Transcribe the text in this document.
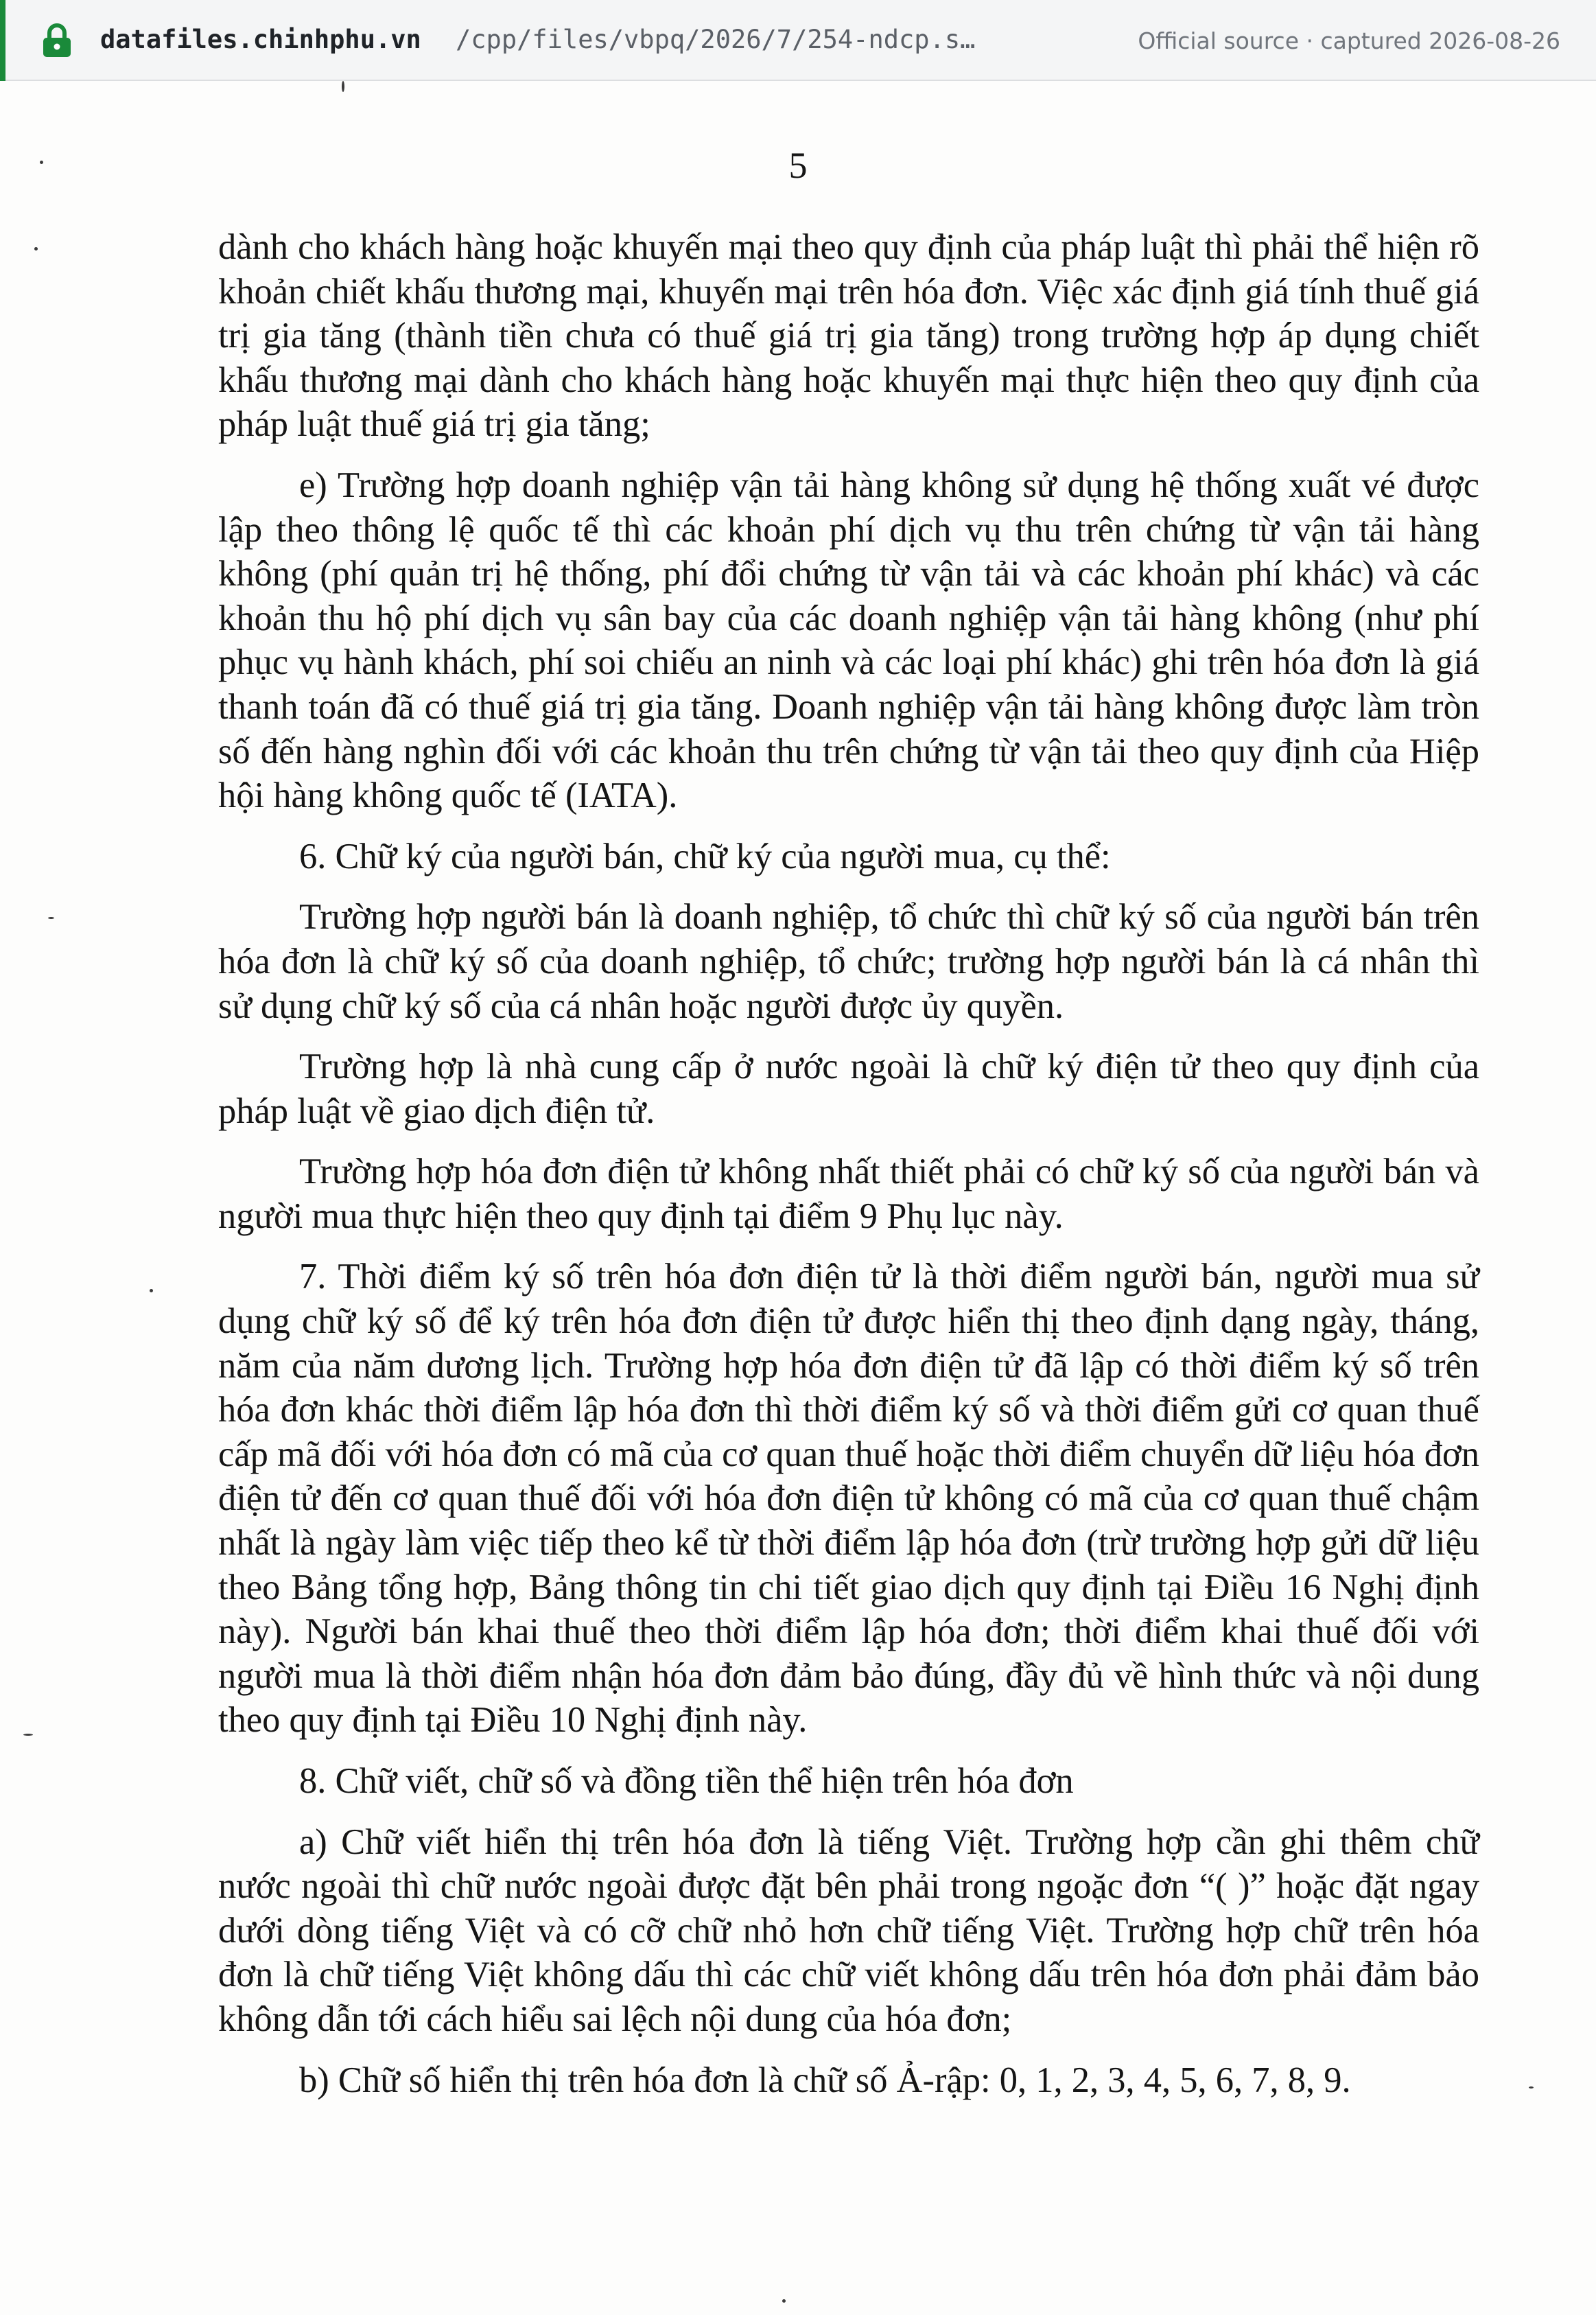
datafiles.chinhphu.vn /cpp/files/vbpq/2026/7/254-ndcp.s…	Official source · captured 2026-08-26
5

dành cho khách hàng hoặc khuyến mại theo quy định của pháp luật thì phải thể hiện rõ khoản chiết khấu thương mại, khuyến mại trên hóa đơn. Việc xác định giá tính thuế giá trị gia tăng (thành tiền chưa có thuế giá trị gia tăng) trong trường hợp áp dụng chiết khấu thương mại dành cho khách hàng hoặc khuyến mại thực hiện theo quy định của pháp luật thuế giá trị gia tăng;

e) Trường hợp doanh nghiệp vận tải hàng không sử dụng hệ thống xuất vé được lập theo thông lệ quốc tế thì các khoản phí dịch vụ thu trên chứng từ vận tải hàng không (phí quản trị hệ thống, phí đổi chứng từ vận tải và các khoản phí khác) và các khoản thu hộ phí dịch vụ sân bay của các doanh nghiệp vận tải hàng không (như phí phục vụ hành khách, phí soi chiếu an ninh và các loại phí khác) ghi trên hóa đơn là giá thanh toán đã có thuế giá trị gia tăng. Doanh nghiệp vận tải hàng không được làm tròn số đến hàng nghìn đối với các khoản thu trên chứng từ vận tải theo quy định của Hiệp hội hàng không quốc tế (IATA).

6. Chữ ký của người bán, chữ ký của người mua, cụ thể:

Trường hợp người bán là doanh nghiệp, tổ chức thì chữ ký số của người bán trên hóa đơn là chữ ký số của doanh nghiệp, tổ chức; trường hợp người bán là cá nhân thì sử dụng chữ ký số của cá nhân hoặc người được ủy quyền.

Trường hợp là nhà cung cấp ở nước ngoài là chữ ký điện tử theo quy định của pháp luật về giao dịch điện tử.

Trường hợp hóa đơn điện tử không nhất thiết phải có chữ ký số của người bán và người mua thực hiện theo quy định tại điểm 9 Phụ lục này.

7. Thời điểm ký số trên hóa đơn điện tử là thời điểm người bán, người mua sử dụng chữ ký số để ký trên hóa đơn điện tử được hiển thị theo định dạng ngày, tháng, năm của năm dương lịch. Trường hợp hóa đơn điện tử đã lập có thời điểm ký số trên hóa đơn khác thời điểm lập hóa đơn thì thời điểm ký số và thời điểm gửi cơ quan thuế cấp mã đối với hóa đơn có mã của cơ quan thuế hoặc thời điểm chuyển dữ liệu hóa đơn điện tử đến cơ quan thuế đối với hóa đơn điện tử không có mã của cơ quan thuế chậm nhất là ngày làm việc tiếp theo kể từ thời điểm lập hóa đơn (trừ trường hợp gửi dữ liệu theo Bảng tổng hợp, Bảng thông tin chi tiết giao dịch quy định tại Điều 16 Nghị định này). Người bán khai thuế theo thời điểm lập hóa đơn; thời điểm khai thuế đối với người mua là thời điểm nhận hóa đơn đảm bảo đúng, đầy đủ về hình thức và nội dung theo quy định tại Điều 10 Nghị định này.

8. Chữ viết, chữ số và đồng tiền thể hiện trên hóa đơn

a) Chữ viết hiển thị trên hóa đơn là tiếng Việt. Trường hợp cần ghi thêm chữ nước ngoài thì chữ nước ngoài được đặt bên phải trong ngoặc đơn “( )” hoặc đặt ngay dưới dòng tiếng Việt và có cỡ chữ nhỏ hơn chữ tiếng Việt. Trường hợp chữ trên hóa đơn là chữ tiếng Việt không dấu thì các chữ viết không dấu trên hóa đơn phải đảm bảo không dẫn tới cách hiểu sai lệch nội dung của hóa đơn;

b) Chữ số hiển thị trên hóa đơn là chữ số Ả-rập: 0, 1, 2, 3, 4, 5, 6, 7, 8, 9.
